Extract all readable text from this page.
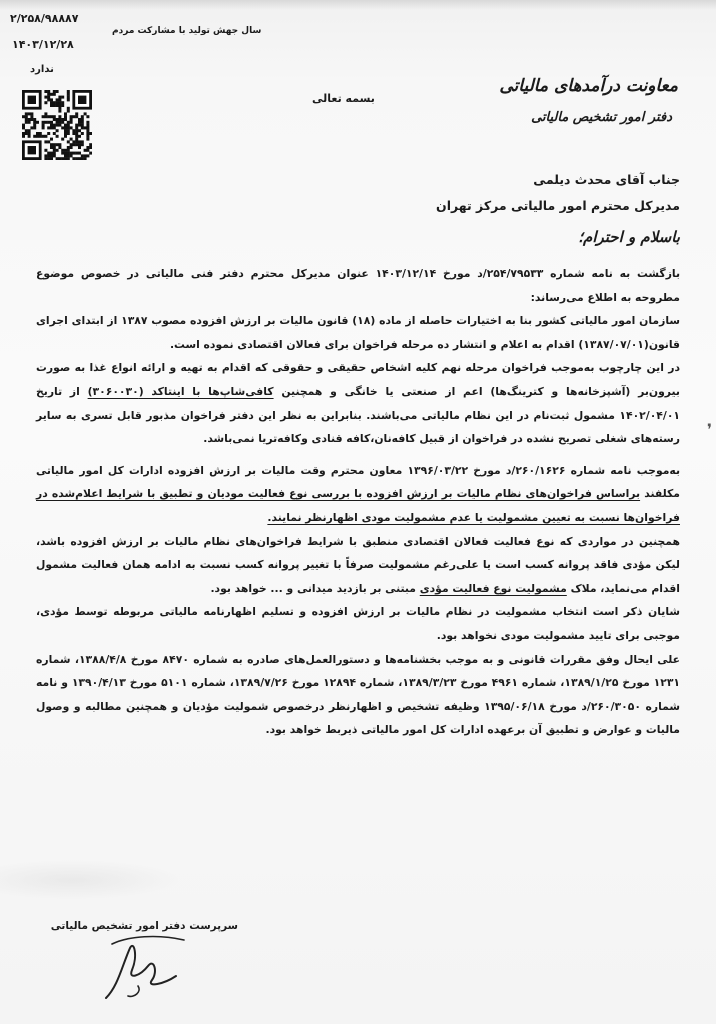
۲/۲۵۸/۹۸۸۸۷
۱۴۰۳/۱۲/۲۸
ندارد
سال جهش تولید با مشارکت مردم
بسمه تعالی
معاونت درآمدهای مالیاتی
دفتر امور تشخیص مالیاتی
جناب آقای محدث دیلمی
مدیرکل محترم امور مالیاتی مرکز تهران
باسلام و احترام؛

بازگشت به نامه شماره ۲۵۴/۷۹۵۳۳/د مورخ ۱۴۰۳/۱۲/۱۴ عنوان مدیرکل محترم دفتر فنی مالیاتی در خصوص موضوع مطروحه به اطلاع می‌رساند:

سازمان امور مالیاتی کشور بنا به اختیارات حاصله از ماده (۱۸) قانون مالیات بر ارزش افزوده مصوب ۱۳۸۷ از ابتدای اجرای قانون(۱۳۸۷/۰۷/۰۱) اقدام به اعلام و انتشار ده مرحله فراخوان برای فعالان اقتصادی نموده است.

در این چارچوب به‌موجب فراخوان مرحله نهم کلیه اشخاص حقیقی و حقوقی که اقدام به تهیه و ارائه انواع غذا به صورت بیرون‌بر (آشپزخانه‌ها و کترینگ‌ها) اعم از صنعتی یا خانگی و همچنین کافی‌شاپ‌ها با اینتاکد (۳۰۶۰۰۳۰) از تاریخ ۱۴۰۲/۰۴/۰۱ مشمول ثبت‌نام در این نظام مالیاتی می‌باشند. بنابراین به نظر این دفتر فراخوان مذبور قابل تسری به سایر رسته‌های شغلی تصریح نشده در فراخوان از قبیل کافه‌نان،کافه قنادی وکافه‌تریا نمی‌باشد.

به‌موجب نامه شماره ۲۶۰/۱۶۲۶/د مورخ ۱۳۹۶/۰۳/۲۲ معاون محترم وقت مالیات بر ارزش افزوده ادارات کل امور مالیاتی مکلفند براساس فراخوان‌های نظام مالیات بر ارزش افزوده با بررسی نوع فعالیت مودیان و تطبیق با شرایط اعلام‌شده در فراخوان‌ها نسبت به تعیین مشمولیت یا عدم مشمولیت مودی اظهارنظر نمایند.

همچنین در مواردی که نوع فعالیت فعالان اقتصادی منطبق با شرایط فراخوان‌های نظام مالیات بر ارزش افزوده باشد، لیکن مؤدی فاقد پروانه کسب است یا علی‌رغم مشمولیت صرفاً با تغییر پروانه کسب نسبت به ادامه همان فعالیت مشمول اقدام می‌نماید، ملاک مشمولیت نوع فعالیت مؤدی مبتنی بر بازدید میدانی و ... خواهد بود.

شایان ذکر است انتخاب مشمولیت در نظام مالیات بر ارزش افزوده و تسلیم اظهارنامه مالیاتی مربوطه توسط مؤدی، موجبی برای تایید مشمولیت مودی نخواهد بود.

علی ایحال وفق مقررات قانونی و به موجب بخشنامه‌ها و دستورالعمل‌های صادره به شماره ۸۴۷۰ مورخ ۱۳۸۸/۴/۸، شماره ۱۲۳۱ مورخ ۱۳۸۹/۱/۲۵، شماره ۴۹۶۱ مورخ ۱۳۸۹/۳/۲۳، شماره ۱۲۸۹۴ مورخ ۱۳۸۹/۷/۲۶، شماره ۵۱۰۱ مورخ ۱۳۹۰/۴/۱۳ و نامه شماره ۲۶۰/۳۰۵۰/د مورخ ۱۳۹۵/۰۶/۱۸ وظیفه تشخیص و اظهارنظر درخصوص شمولیت مؤدیان و همچنین مطالبه و وصول مالیات و عوارض و تطبیق آن برعهده ادارات کل امور مالیاتی ذیربط خواهد بود.

❜
سرپرست دفتر امور تشخیص مالیاتی
